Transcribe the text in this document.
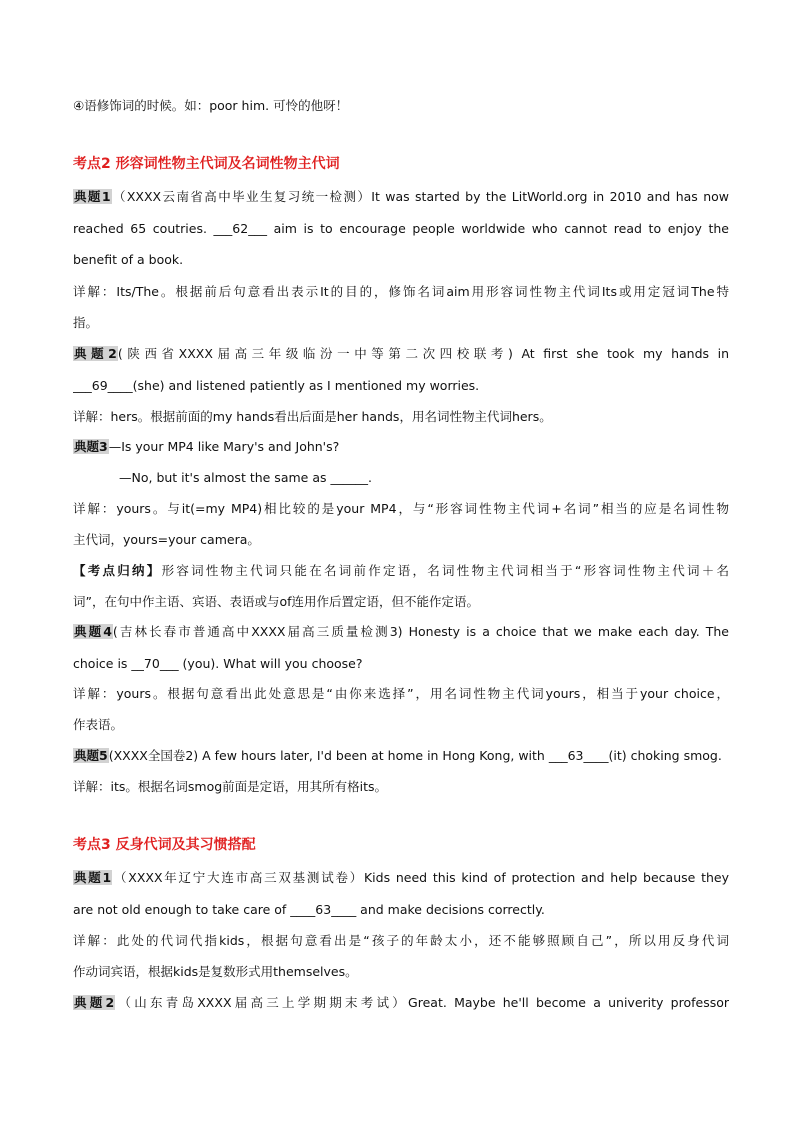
④语修饰词的时候。如：poor him. 可怜的他呀！
考点2 形容词性物主代词及名词性物主代词
典题1（XXXX云南省高中毕业生复习统一检测）It was started by the LitWorld.org in 2010 and has now
reached 65 coutries. ___62___ aim is to encourage people worldwide who cannot read to enjoy the
benefit of a book.
详解：Its/The。根据前后句意看出表示It的目的，修饰名词aim用形容词性物主代词Its或用定冠词The特
指。
典题2(陕西省XXXX届高三年级临汾一中等第二次四校联考) At first she took my hands in
___69____(she) and listened patiently as I mentioned my worries.
详解：hers。根据前面的my hands看出后面是her hands，用名词性物主代词hers。
典题3—Is your MP4 like Mary's and John's?
—No, but it's almost the same as ______.
详解：yours。与it(=my MP4)相比较的是your MP4，与“形容词性物主代词+名词”相当的应是名词性物
主代词，yours=your camera。
【考点归纳】形容词性物主代词只能在名词前作定语，名词性物主代词相当于“形容词性物主代词＋名
词”，在句中作主语、宾语、表语或与of连用作后置定语，但不能作定语。
典题4(吉林长春市普通高中XXXX届高三质量检测3) Honesty is a choice that we make each day. The
choice is __70___ (you). What will you choose?
详解：yours。根据句意看出此处意思是“由你来选择”，用名词性物主代词yours，相当于your choice，
作表语。
典题5(XXXX全国卷2) A few hours later, I'd been at home in Hong Kong, with ___63____(it) choking smog.
详解：its。根据名词smog前面是定语，用其所有格its。
考点3 反身代词及其习惯搭配
典题1（XXXX年辽宁大连市高三双基测试卷）Kids need this kind of protection and help because they
are not old enough to take care of ____63____ and make decisions correctly.
详解：此处的代词代指kids，根据句意看出是“孩子的年龄太小，还不能够照顾自己”，所以用反身代词
作动词宾语，根据kids是复数形式用themselves。
典题2（山东青岛XXXX届高三上学期期末考试）Great. Maybe he'll become a univerity professor
